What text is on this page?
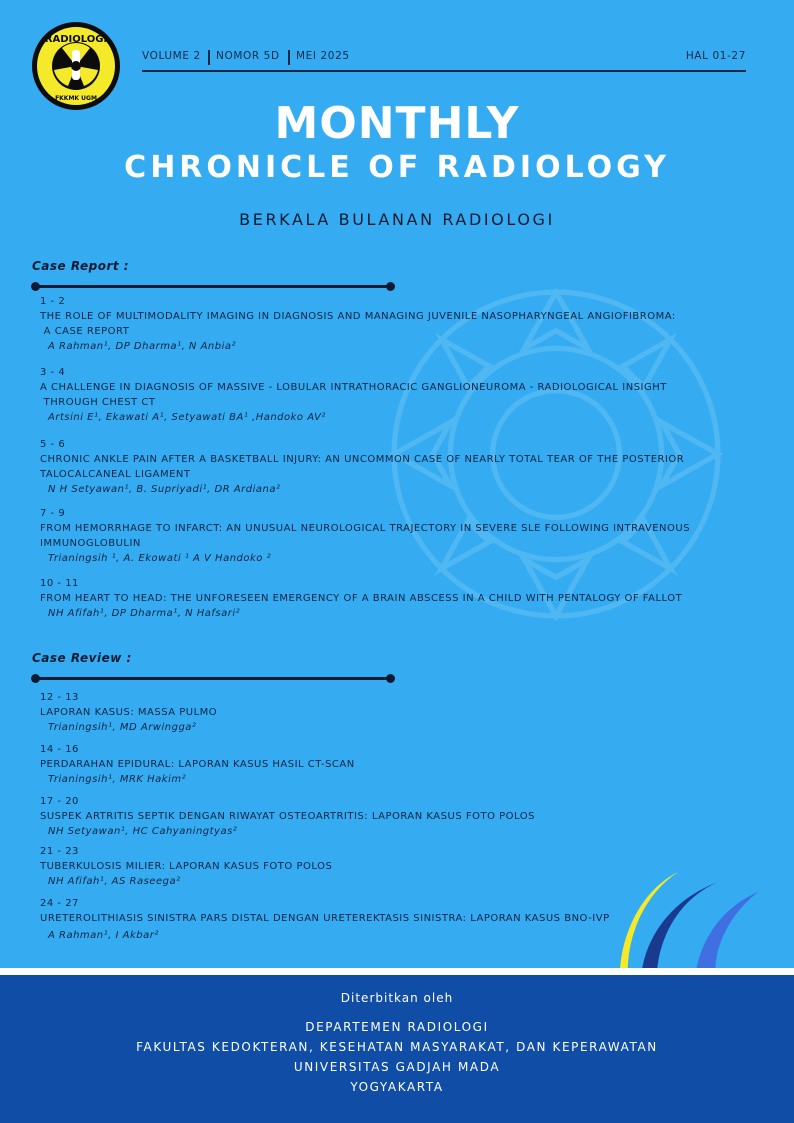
RADIOLOGI
FKKMK UGM
VOLUME 2 NOMOR 5D MEI 2025	HAL 01-27
MONTHLY
CHRONICLE OF RADIOLOGY
BERKALA BULANAN RADIOLOGI
Case Report :
1 - 2
THE ROLE OF MULTIMODALITY IMAGING IN DIAGNOSIS AND MANAGING JUVENILE NASOPHARYNGEAL ANGIOFIBROMA:
A CASE REPORT
A Rahman¹, DP Dharma¹, N Anbia²
3 - 4
A CHALLENGE IN DIAGNOSIS OF MASSIVE - LOBULAR INTRATHORACIC GANGLIONEUROMA - RADIOLOGICAL INSIGHT
THROUGH CHEST CT
Artsini E¹, Ekawati A¹, Setyawati BA¹ ,Handoko AV²
5 - 6
CHRONIC ANKLE PAIN AFTER A BASKETBALL INJURY: AN UNCOMMON CASE OF NEARLY TOTAL TEAR OF THE POSTERIOR
TALOCALCANEAL LIGAMENT
N H Setyawan¹, B. Supriyadi¹, DR Ardiana²
7 - 9
FROM HEMORRHAGE TO INFARCT: AN UNUSUAL NEUROLOGICAL TRAJECTORY IN SEVERE SLE FOLLOWING INTRAVENOUS
IMMUNOGLOBULIN
Trianingsih ¹, A. Ekowati ¹ A V Handoko ²
10 - 11
FROM HEART TO HEAD: THE UNFORESEEN EMERGENCY OF A BRAIN ABSCESS IN A CHILD WITH PENTALOGY OF FALLOT
NH Afifah¹, DP Dharma¹, N Hafsari²
Case Review :
12 - 13
LAPORAN KASUS: MASSA PULMO
Trianingsih¹, MD Arwingga²
14 - 16
PERDARAHAN EPIDURAL: LAPORAN KASUS HASIL CT-SCAN
Trianingsih¹, MRK Hakim²
17 - 20
SUSPEK ARTRITIS SEPTIK DENGAN RIWAYAT OSTEOARTRITIS: LAPORAN KASUS FOTO POLOS
NH Setyawan¹, HC Cahyaningtyas²
21 - 23
TUBERKULOSIS MILIER: LAPORAN KASUS FOTO POLOS
NH Afifah¹, AS Raseega²
24 - 27
URETEROLITHIASIS SINISTRA PARS DISTAL DENGAN URETEREKTASIS SINISTRA: LAPORAN KASUS BNO-IVP
A Rahman¹, I Akbar²
Diterbitkan oleh
DEPARTEMEN RADIOLOGI
FAKULTAS KEDOKTERAN, KESEHATAN MASYARAKAT, DAN KEPERAWATAN
UNIVERSITAS GADJAH MADA
YOGYAKARTA
